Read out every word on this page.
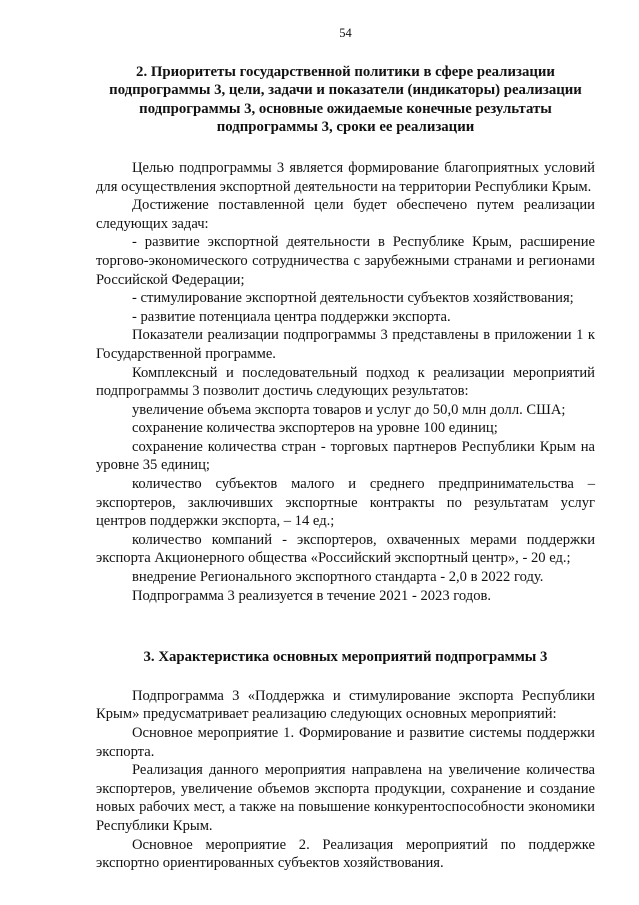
54
2. Приоритеты государственной политики в сфере реализации подпрограммы 3, цели, задачи и показатели (индикаторы) реализации подпрограммы 3, основные ожидаемые конечные результаты подпрограммы 3, сроки ее реализации

Целью подпрограммы 3 является формирование благоприятных условий для осуществления экспортной деятельности на территории Республики Крым.

Достижение поставленной цели будет обеспечено путем реализации следующих задач:

- развитие экспортной деятельности в Республике Крым, расширение торгово-экономического сотрудничества с зарубежными странами и регионами Российской Федерации;

- стимулирование экспортной деятельности субъектов хозяйствования;

- развитие потенциала центра поддержки экспорта.

Показатели реализации подпрограммы 3 представлены в приложении 1 к Государственной программе.

Комплексный и последовательный подход к реализации мероприятий подпрограммы 3 позволит достичь следующих результатов:

увеличение объема экспорта товаров и услуг до 50,0 млн долл. США;

сохранение количества экспортеров на уровне 100 единиц;

сохранение количества стран - торговых партнеров Республики Крым на уровне 35 единиц;

количество субъектов малого и среднего предпринимательства – экспортеров, заключивших экспортные контракты по результатам услуг центров поддержки экспорта, – 14 ед.;

количество компаний - экспортеров, охваченных мерами поддержки экспорта Акционерного общества «Российский экспортный центр», - 20 ед.;

внедрение Регионального экспортного стандарта - 2,0 в 2022 году.

Подпрограмма 3 реализуется в течение 2021 - 2023 годов.

3. Характеристика основных мероприятий подпрограммы 3

Подпрограмма 3 «Поддержка и стимулирование экспорта Республики Крым» предусматривает реализацию следующих основных мероприятий:

Основное мероприятие 1. Формирование и развитие системы поддержки экспорта.

Реализация данного мероприятия направлена на увеличение количества экспортеров, увеличение объемов экспорта продукции, сохранение и создание новых рабочих мест, а также на повышение конкурентоспособности экономики Республики Крым.

Основное мероприятие 2. Реализация мероприятий по поддержке экспортно ориентированных субъектов хозяйствования.
